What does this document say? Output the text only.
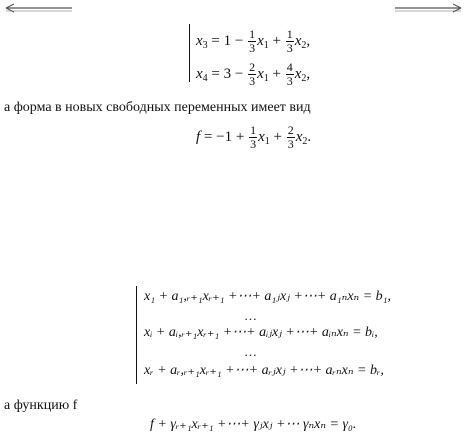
$x_3 = 1 - \frac{1}{3} x_1 + \frac{1}{3} x_2$,
$x_4 = 3 - \frac{2}{3} x_1 + \frac{4}{3} x_2$,
а форма в новых свободных переменных имеет вид
$f = -1 + \frac{1}{3} x_1 + \frac{2}{3} x_2$.
x₁ + a₁,ᵣ₊₁xᵣ₊₁ +⋯+ a₁ⱼxⱼ +⋯+ a₁ₙxₙ = b₁,
…
xᵢ + aᵢ,ᵣ₊₁xᵣ₊₁ +⋯+ aᵢⱼxⱼ +⋯+ aᵢₙxₙ = bᵢ,
…
xᵣ + aᵣ,ᵣ₊₁xᵣ₊₁ +⋯+ aᵣⱼxⱼ +⋯+ aᵣₙxₙ = bᵣ,
а функцию f
f + γᵣ₊₁xᵣ₊₁ +⋯+ γⱼxⱼ +⋯ γₙxₙ = γ₀.
